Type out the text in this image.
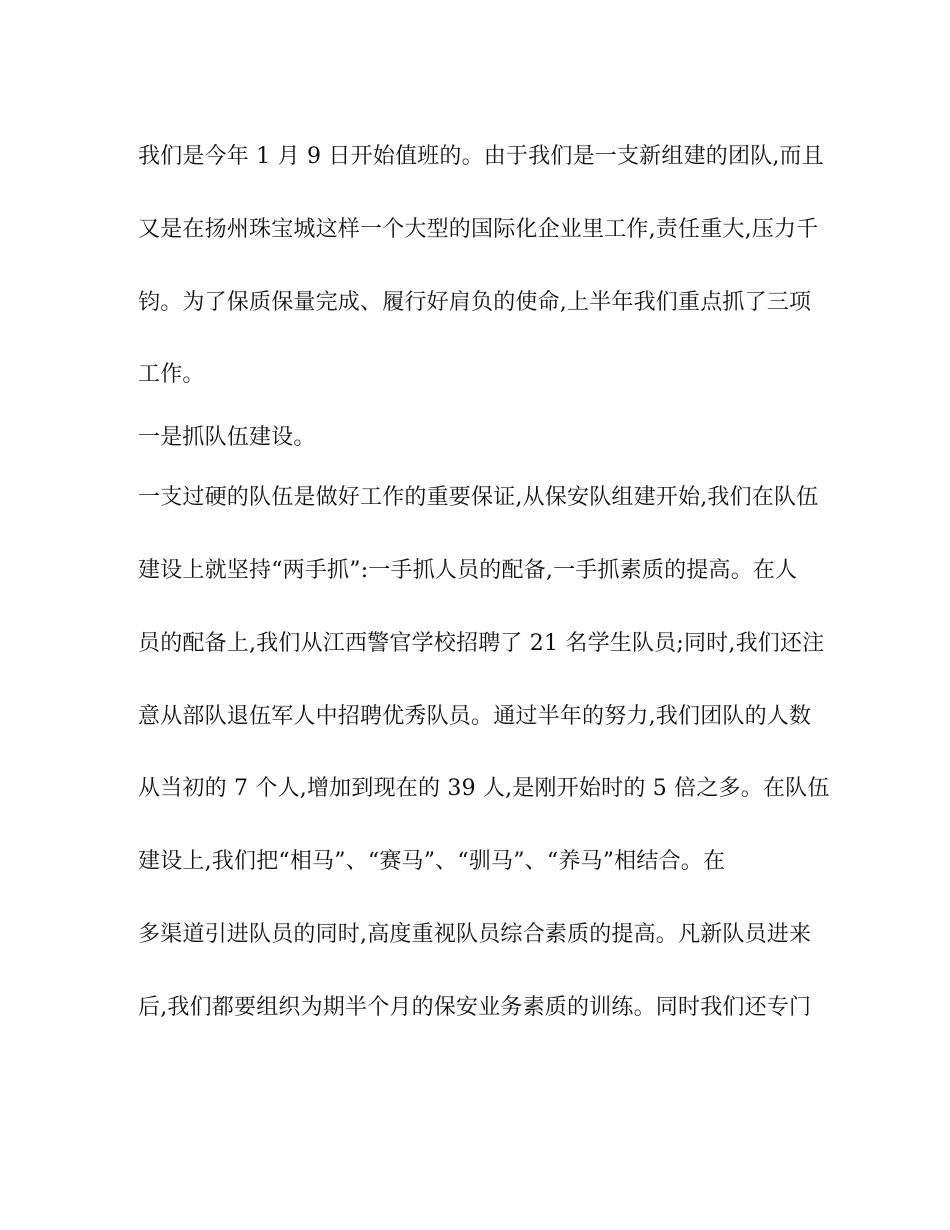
我们是今年 1 月 9 日开始值班的。由于我们是一支新组建的团队,而且
又是在扬州珠宝城这样一个大型的国际化企业里工作,责任重大,压力千
钧。为了保质保量完成、履行好肩负的使命,上半年我们重点抓了三项
工作。
一是抓队伍建设。
一支过硬的队伍是做好工作的重要保证,从保安队组建开始,我们在队伍
建设上就坚持“两手抓”:一手抓人员的配备,一手抓素质的提高。在人
员的配备上,我们从江西警官学校招聘了 21 名学生队员;同时,我们还注
意从部队退伍军人中招聘优秀队员。通过半年的努力,我们团队的人数
从当初的 7 个人,增加到现在的 39 人,是刚开始时的 5 倍之多。在队伍
建设上,我们把“相马”、“赛马”、“驯马”、“养马”相结合。在
多渠道引进队员的同时,高度重视队员综合素质的提高。凡新队员进来
后,我们都要组织为期半个月的保安业务素质的训练。同时我们还专门
